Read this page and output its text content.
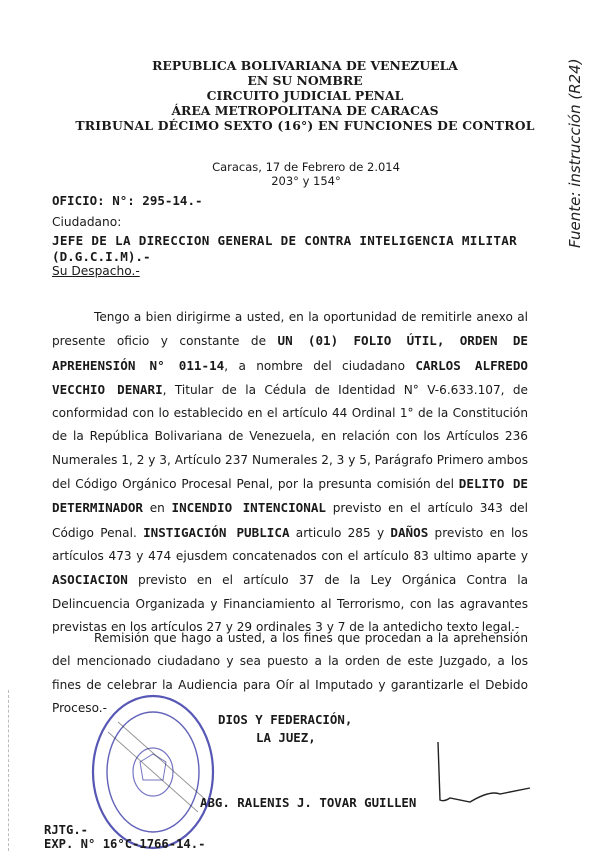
Fuente: instrucción (R24)
REPUBLICA BOLIVARIANA DE VENEZUELA
EN SU NOMBRE
CIRCUITO JUDICIAL PENAL
ÁREA METROPOLITANA DE CARACAS
TRIBUNAL DÉCIMO SEXTO (16°) EN FUNCIONES DE CONTROL
Caracas, 17 de Febrero de 2.014
203° y 154°
OFICIO: N°: 295-14.-
Ciudadano:
JEFE DE LA DIRECCION GENERAL DE CONTRA INTELIGENCIA MILITAR
(D.G.C.I.M).-
Su Despacho.-
Tengo a bien dirigirme a usted, en la oportunidad de remitirle anexo al presente oficio y constante de UN (01) FOLIO ÚTIL, ORDEN DE APREHENSIÓN N° 011-14, a nombre del ciudadano CARLOS ALFREDO VECCHIO DENARI, Titular de la Cédula de Identidad N° V-6.633.107, de conformidad con lo establecido en el artículo 44 Ordinal 1° de la Constitución de la República Bolivariana de Venezuela, en relación con los Artículos 236 Numerales 1, 2 y 3, Artículo 237 Numerales 2, 3 y 5, Parágrafo Primero ambos del Código Orgánico Procesal Penal, por la presunta comisión del DELITO DE DETERMINADOR en INCENDIO INTENCIONAL previsto en el artículo 343 del Código Penal. INSTIGACIÓN PUBLICA articulo 285 y DAÑOS previsto en los artículos 473 y 474 ejusdem concatenados con el artículo 83 ultimo aparte y ASOCIACION previsto en el artículo 37 de la Ley Orgánica Contra la Delincuencia Organizada y Financiamiento al Terrorismo, con las agravantes previstas en los artículos 27 y 29 ordinales 3 y 7 de la antedicho texto legal.-
Remisión que hago a usted, a los fines que procedan a la aprehensión del mencionado ciudadano y sea puesto a la orden de este Juzgado, a los fines de celebrar la Audiencia para Oír al Imputado y garantizarle el Debido Proceso.-
DIOS Y FEDERACIÓN,
LA JUEZ,
ABG. RALENIS J. TOVAR GUILLEN
RJTG.-
EXP. N° 16°C-1766-14.-
